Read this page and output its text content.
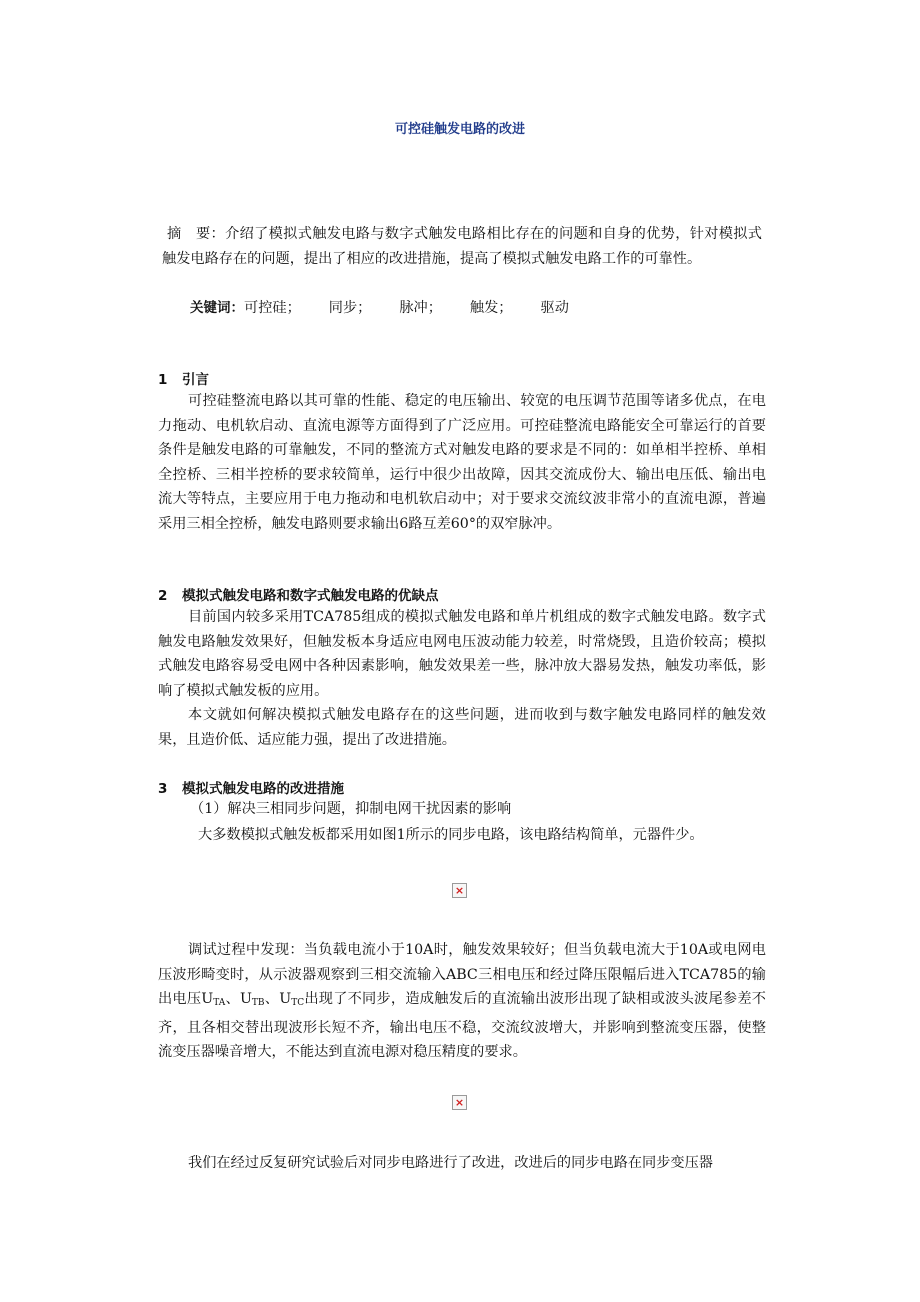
可控硅触发电路的改进

摘　要：介绍了模拟式触发电路与数字式触发电路相比存在的问题和自身的优势，针对模拟式触发电路存在的问题，提出了相应的改进措施，提高了模拟式触发电路工作的可靠性。

关键词：可控硅； 同步； 脉冲； 触发； 驱动

1 引言

可控硅整流电路以其可靠的性能、稳定的电压输出、较宽的电压调节范围等诸多优点，在电力拖动、电机软启动、直流电源等方面得到了广泛应用。可控硅整流电路能安全可靠运行的首要条件是触发电路的可靠触发，不同的整流方式对触发电路的要求是不同的：如单相半控桥、单相全控桥、三相半控桥的要求较简单，运行中很少出故障，因其交流成份大、输出电压低、输出电流大等特点，主要应用于电力拖动和电机软启动中；对于要求交流纹波非常小的直流电源，普遍采用三相全控桥，触发电路则要求输出6路互差60°的双窄脉冲。

2 模拟式触发电路和数字式触发电路的优缺点

目前国内较多采用TCA785组成的模拟式触发电路和单片机组成的数字式触发电路。数字式触发电路触发效果好，但触发板本身适应电网电压波动能力较差，时常烧毁，且造价较高；模拟式触发电路容易受电网中各种因素影响，触发效果差一些，脉冲放大器易发热，触发功率低，影响了模拟式触发板的应用。

本文就如何解决模拟式触发电路存在的这些问题，进而收到与数字触发电路同样的触发效果，且造价低、适应能力强，提出了改进措施。

3 模拟式触发电路的改进措施
（1）解决三相同步问题，抑制电网干扰因素的影响

大多数模拟式触发板都采用如图1所示的同步电路，该电路结构简单，元器件少。

×

调试过程中发现：当负载电流小于10A时，触发效果较好；但当负载电流大于10A或电网电压波形畸变时，从示波器观察到三相交流输入ABC三相电压和经过降压限幅后进入TCA785的输出电压$U_{TA}$、$U_{TB}$、$U_{TC}$出现了不同步，造成触发后的直流输出波形出现了缺相或波头波尾参差不齐，且各相交替出现波形长短不齐，输出电压不稳，交流纹波增大，并影响到整流变压器，使整流变压器噪音增大，不能达到直流电源对稳压精度的要求。

×

我们在经过反复研究试验后对同步电路进行了改进，改进后的同步电路在同步变压器
